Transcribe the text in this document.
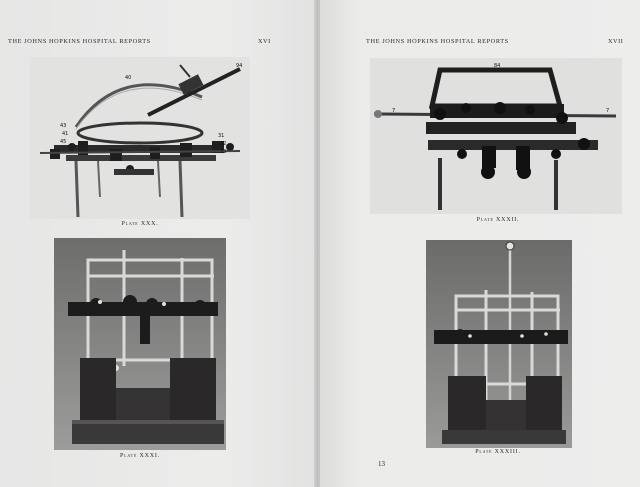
THE JOHNS HOPKINS HOSPITAL REPORTS	XVI
40
94
43
41
45
31
32
33
Plate XXX.
Plate XXXI.
THE JOHNS HOPKINS HOSPITAL REPORTS	XVII
84
7	7
Plate XXXII.
Plate XXXIII.
13
